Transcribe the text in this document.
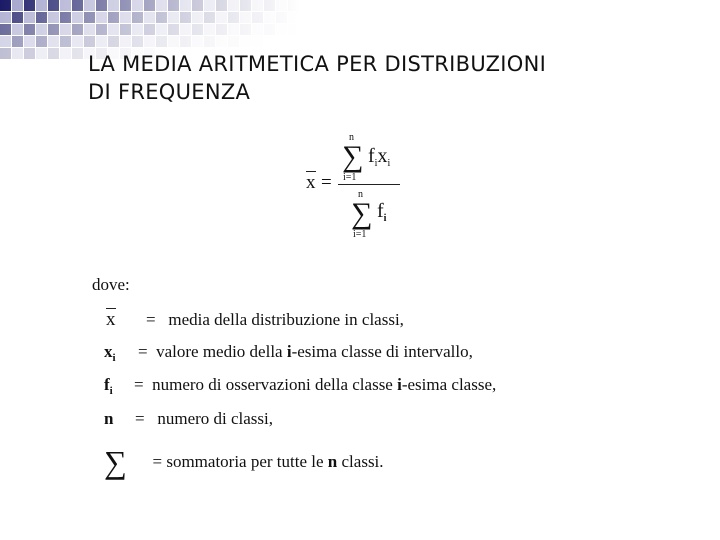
LA MEDIA ARITMETICA PER DISTRIBUZIONI
DI FREQUENZA
x =
n
∑
i=1
$f_ix_i$
n
∑
i=1
$f_i$
dove:
x = media della distribuzione in classi,
$x_i$ = valore medio della i-esima classe di intervallo,
$f_i$ = numero di osservazioni della classe i-esima classe,
n = numero di classi,
∑ = sommatoria per tutte le n classi.
